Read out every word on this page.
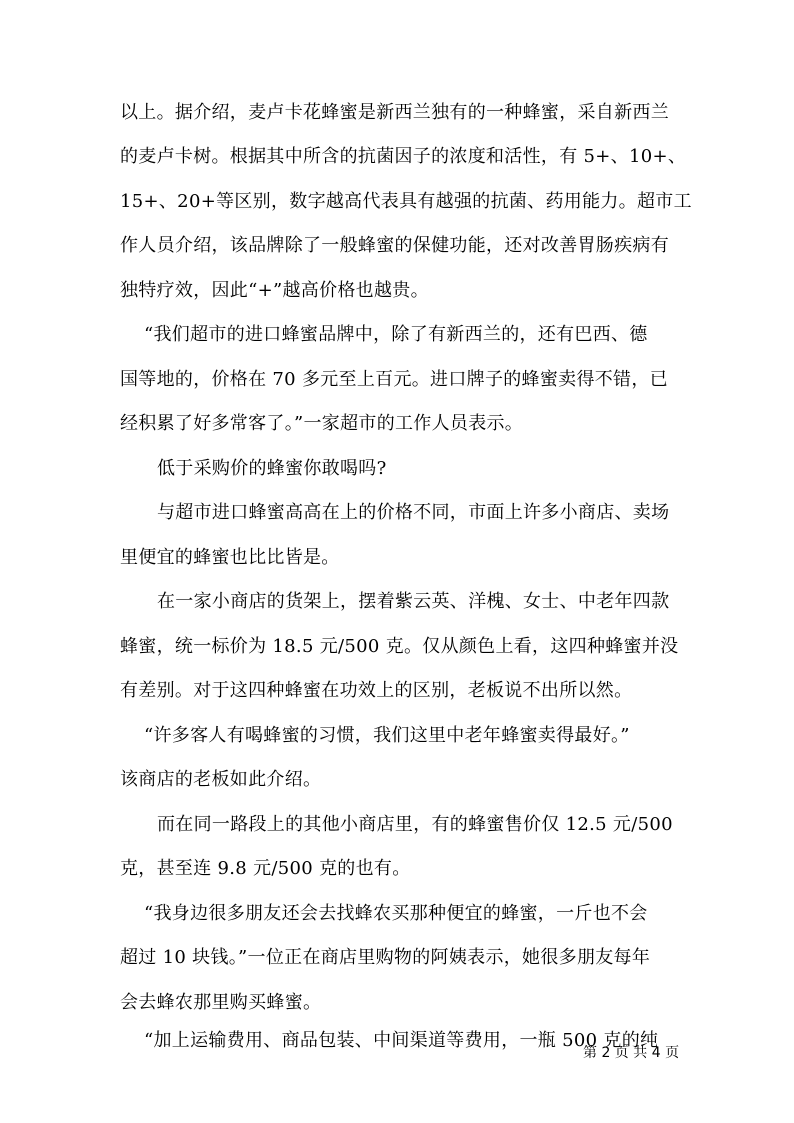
以上。据介绍，麦卢卡花蜂蜜是新西兰独有的一种蜂蜜，采自新西兰
的麦卢卡树。根据其中所含的抗菌因子的浓度和活性，有 5+、10+、
15+、20+等区别，数字越高代表具有越强的抗菌、药用能力。超市工
作人员介绍，该品牌除了一般蜂蜜的保健功能，还对改善胃肠疾病有
独特疗效，因此“+”越高价格也越贵。
“我们超市的进口蜂蜜品牌中，除了有新西兰的，还有巴西、德
国等地的，价格在 70 多元至上百元。进口牌子的蜂蜜卖得不错，已
经积累了好多常客了。”一家超市的工作人员表示。
低于采购价的蜂蜜你敢喝吗?
与超市进口蜂蜜高高在上的价格不同，市面上许多小商店、卖场
里便宜的蜂蜜也比比皆是。
在一家小商店的货架上，摆着紫云英、洋槐、女士、中老年四款
蜂蜜，统一标价为 18.5 元/500 克。仅从颜色上看，这四种蜂蜜并没
有差别。对于这四种蜂蜜在功效上的区别，老板说不出所以然。
“许多客人有喝蜂蜜的习惯，我们这里中老年蜂蜜卖得最好。”
该商店的老板如此介绍。
而在同一路段上的其他小商店里，有的蜂蜜售价仅 12.5 元/500
克，甚至连 9.8 元/500 克的也有。
“我身边很多朋友还会去找蜂农买那种便宜的蜂蜜，一斤也不会
超过 10 块钱。”一位正在商店里购物的阿姨表示，她很多朋友每年
会去蜂农那里购买蜂蜜。
“加上运输费用、商品包装、中间渠道等费用，一瓶 500 克的纯
第 2 页 共 4 页
